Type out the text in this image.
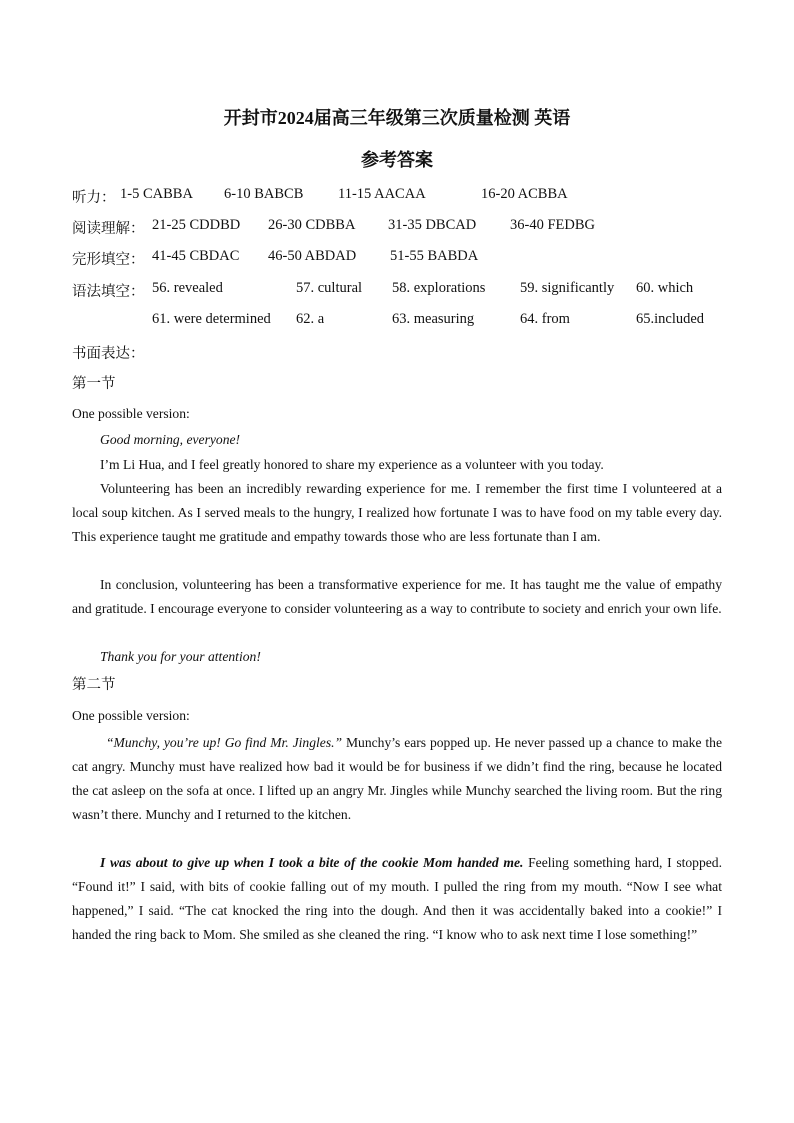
开封市2024届高三年级第三次质量检测 英语
参考答案
听力： 1-5 CABBA 6-10 BABCB 11-15 AACAA	16-20 ACBBA
阅读理解： 21-25 CDDBD 26-30 CDBBA 31-35 DBCAD 36-40 FEDBG
完形填空： 41-45 CBDAC 46-50 ABDAD 51-55 BABDA
语法填空： 56. revealed	57. cultural 58. explorations 59. significantly 60. which
61. were determined 62. a	63. measuring	64. from	65.included
书面表达：
第一节
One possible version:
Good morning, everyone!
I’m Li Hua, and I feel greatly honored to share my experience as a volunteer with you today.
Volunteering has been an incredibly rewarding experience for me. I remember the first time I volunteered at a local soup kitchen. As I served meals to the hungry, I realized how fortunate I was to have food on my table every day. This experience taught me gratitude and empathy towards those who are less fortunate than I am.
In conclusion, volunteering has been a transformative experience for me. It has taught me the value of empathy and gratitude. I encourage everyone to consider volunteering as a way to contribute to society and enrich your own life.
Thank you for your attention!
第二节
One possible version:
“Munchy, you’re up! Go find Mr. Jingles.” Munchy’s ears popped up. He never passed up a chance to make the cat angry. Munchy must have realized how bad it would be for business if we didn’t find the ring, because he located the cat asleep on the sofa at once. I lifted up an angry Mr. Jingles while Munchy searched the living room. But the ring wasn’t there. Munchy and I returned to the kitchen.
I was about to give up when I took a bite of the cookie Mom handed me. Feeling something hard, I stopped. “Found it!” I said, with bits of cookie falling out of my mouth. I pulled the ring from my mouth. “Now I see what happened,” I said. “The cat knocked the ring into the dough. And then it was accidentally baked into a cookie!” I handed the ring back to Mom. She smiled as she cleaned the ring. “I know who to ask next time I lose something!”
